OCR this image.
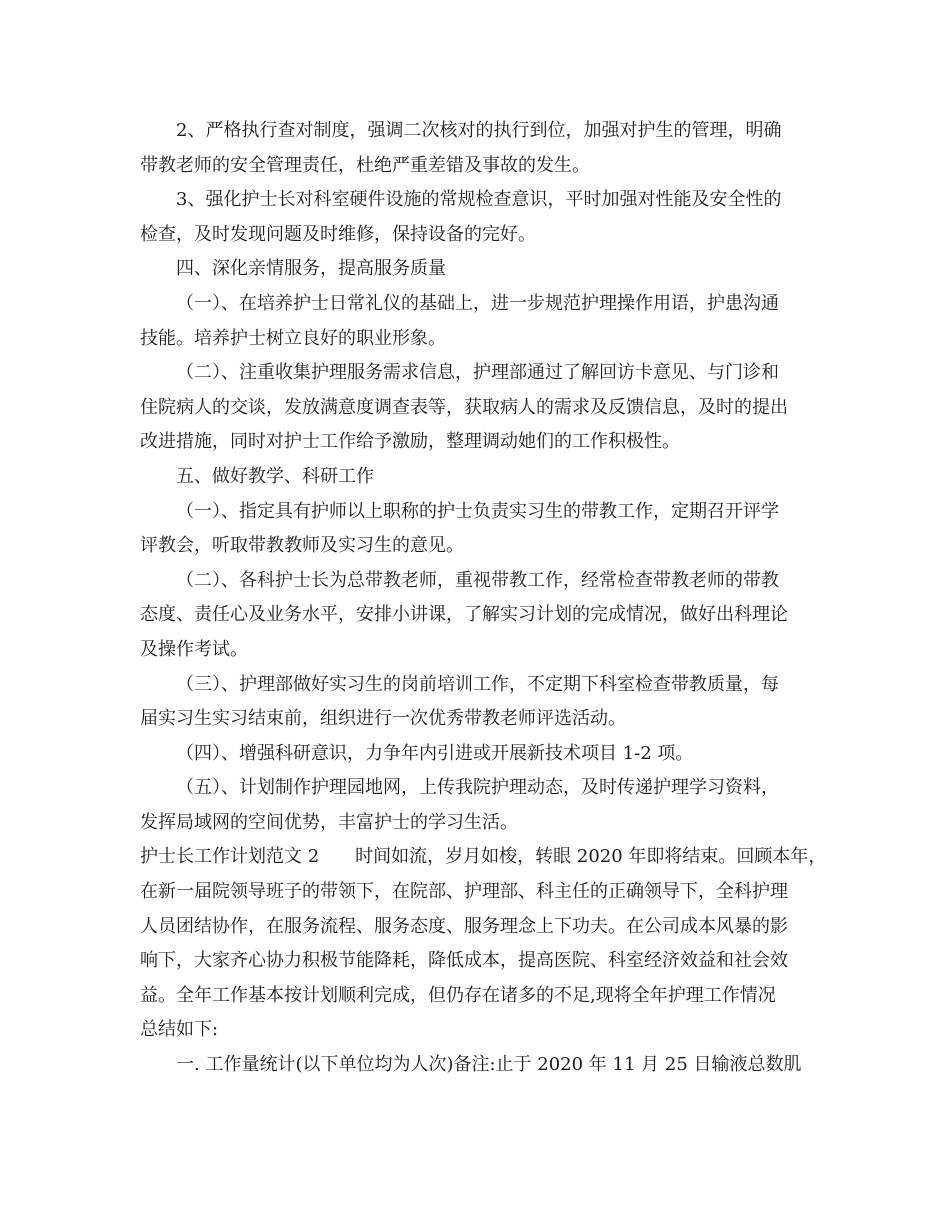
2、严格执行查对制度，强调二次核对的执行到位，加强对护生的管理，明确
带教老师的安全管理责任，杜绝严重差错及事故的发生。
3、强化护士长对科室硬件设施的常规检查意识，平时加强对性能及安全性的
检查，及时发现问题及时维修，保持设备的完好。
四、深化亲情服务，提高服务质量
（一）、在培养护士日常礼仪的基础上，进一步规范护理操作用语，护患沟通
技能。培养护士树立良好的职业形象。
（二）、注重收集护理服务需求信息，护理部通过了解回访卡意见、与门诊和
住院病人的交谈，发放满意度调查表等，获取病人的需求及反馈信息，及时的提出
改进措施，同时对护士工作给予激励，整理调动她们的工作积极性。
五、做好教学、科研工作
（一）、指定具有护师以上职称的护士负责实习生的带教工作，定期召开评学
评教会，听取带教教师及实习生的意见。
（二）、各科护士长为总带教老师，重视带教工作，经常检查带教老师的带教
态度、责任心及业务水平，安排小讲课，了解实习计划的完成情况，做好出科理论
及操作考试。
（三）、护理部做好实习生的岗前培训工作，不定期下科室检查带教质量，每
届实习生实习结束前，组织进行一次优秀带教老师评选活动。
（四）、增强科研意识，力争年内引进或开展新技术项目 1-2 项。
（五）、计划制作护理园地网，上传我院护理动态，及时传递护理学习资料，
发挥局域网的空间优势，丰富护士的学习生活。
护士长工作计划范文 2　　时间如流，岁月如梭，转眼 2020 年即将结束。回顾本年，
在新一届院领导班子的带领下，在院部、护理部、科主任的正确领导下，全科护理
人员团结协作，在服务流程、服务态度、服务理念上下功夫。在公司成本风暴的影
响下，大家齐心协力积极节能降耗，降低成本，提高医院、科室经济效益和社会效
益。全年工作基本按计划顺利完成，但仍存在诸多的不足,现将全年护理工作情况
总结如下:
一. 工作量统计(以下单位均为人次)备注:止于 2020 年 11 月 25 日输液总数肌
